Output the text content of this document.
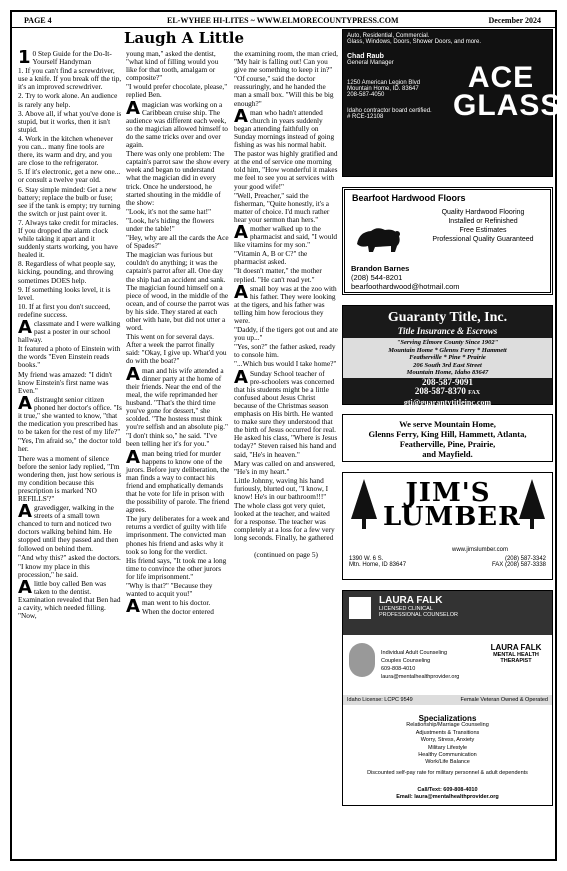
PAGE 4	EL-WYHEE HI-LITES ~ WWW.ELMORECOUNTYPRESS.COM	December 2024
Laugh A Little

10 Step Guide for the Do-It-Yourself Handyman

1. If you can't find a screwdriver, use a knife. If you break off the tip, it's an improved screwdriver.

2. Try to work alone. An audience is rarely any help.

3. Above all, if what you've done is stupid, but it works, then it isn't stupid.

4. Work in the kitchen whenever you can... many fine tools are there, its warm and dry, and you are close to the refrigerator.

5. If it's electronic, get a new one... or consult a twelve year old.

6. Stay simple minded: Get a new battery; replace the bulb or fuse; see if the tank is empty; try turning the switch or just paint over it.

7. Always take credit for miracles. If you dropped the alarm clock while taking it apart and it suddenly starts working, you have healed it.

8. Regardless of what people say, kicking, pounding, and throwing sometimes DOES help.

9. If something looks level, it is level.

10. If at first you don't succeed, redefine success.

Aclassmate and I were walking past a poster in our school hallway.

It featured a photo of Einstein with the words "Even Einstein reads books."

My friend was amazed: "I didn't know Einstein's first name was Even."

Adistraught senior citizen phoned her doctor's office. "Is it true," she wanted to know, "that the medication you prescribed has to be taken for the rest of my life?"

"Yes, I'm afraid so," the doctor told her.

There was a moment of silence before the senior lady replied, "I'm wondering then, just how serious is my condition because this prescription is marked 'NO REFILLS'?"

Agravedigger, walking in the streets of a small town chanced to turn and noticed two doctors walking behind him. He stopped until they passed and then followed on behind them.

"And why this?" asked the doctors.

"I know my place in this procession," he said.

Alittle boy called Ben was taken to the dentist. Examination revealed that Ben had a cavity, which needed filling. "Now,

young man," asked the dentist, "what kind of filling would you like for that tooth, amalgam or composite?"

"I would prefer chocolate, please," replied Ben.

Amagician was working on a Caribbean cruise ship. The audience was different each week, so the magician allowed himself to do the same tricks over and over again.

There was only one problem: The captain's parrot saw the show every week and began to understand what the magician did in every trick. Once he understood, he started shouting in the middle of the show:

"Look, it's not the same hat!"

"Look, he's hiding the flowers under the table!"

"Hey, why are all the cards the Ace of Spades?"

The magician was furious but couldn't do anything; it was the captain's parrot after all. One day the ship had an accident and sank. The magician found himself on a piece of wood, in the middle of the ocean, and of course the parrot was by his side. They stared at each other with hate, but did not utter a word.

This went on for several days. After a week the parrot finally said: "Okay, I give up. What'd you do with the boat?"

Aman and his wife attended a dinner party at the home of their friends. Near the end of the meal, the wife reprimanded her husband. "That's the third time you've gone for dessert," she scolded. "The hostess must think you're selfish and an absolute pig."

"I don't think so," he said. "I've been telling her it's for you."

Aman being tried for murder happens to know one of the jurors. Before jury deliberation, the man finds a way to contact his friend and emphatically demands that he vote for life in prison with the possibility of parole. The friend agrees.

The jury deliberates for a week and returns a verdict of guilty with life imprisonment. The convicted man phones his friend and asks why it took so long for the verdict.

His friend says, "It took me a long time to convince the other jurors for life imprisonment."

"Why is that?" "Because they wanted to acquit you!"

Aman went to his doctor.

When the doctor entered

the examining room, the man cried, "My hair is falling out! Can you give me something to keep it in?"

"Of course," said the doctor reassuringly, and he handed the man a small box. "Will this be big enough?"

Aman who hadn't attended church in years suddenly began attending faithfully on Sunday mornings instead of going fishing as was his normal habit.

The pastor was highly gratified and at the end of service one morning told him, "How wonderful it makes me feel to see you at services with your good wife!"

"Well, Preacher," said the fisherman, "Quite honestly, it's a matter of choice. I'd much rather hear your sermon than hers."

Amother walked up to the pharmacist and said, "I would like vitamins for my son."

"Vitamin A, B or C?" the pharmacist asked.

"It doesn't matter," the mother replied. "He can't read yet."

Asmall boy was at the zoo with his father. They were looking at the tigers, and his father was telling him how ferocious they were.

"Daddy, if the tigers got out and ate you up..."

"Yes, son?" the father asked, ready to console him.

"...Which bus would I take home?"

ASunday School teacher of pre-schoolers was concerned that his students might be a little confused about Jesus Christ because of the Christmas season emphasis on His birth. He wanted to make sure they understood that the birth of Jesus occurred for real. He asked his class, "Where is Jesus today?" Steven raised his hand and said, "He's in heaven."

Mary was called on and answered, "He's in my heart."

Little Johnny, waving his hand furiously, blurted out, "I know, I know! He's in our bathroom!!!"

The whole class got very quiet, looked at the teacher, and waited for a response. The teacher was completely at a loss for a few very long seconds. Finally, he gathered

(continued on page 5)
Auto, Residential, Commercial.
Glass, Windows, Doors, Shower Doors, and more.
Chad Raub
General Manager
1250 American Legion Blvd
Mountain Home, ID. 83647
208-587-4050
Idaho contractor board certified.
# RCE-12108
ACE
GLASS
Bearfoot Hardwood Floors
Quality Hardwood Flooring
Installed or Refinished
Free Estimates
Professional Quality Guaranteed
Brandon Barnes
(208) 544-8201
bearfoothardwood@hotmail.com
Guaranty Title, Inc.
Title Insurance & Escrows
"Serving Elmore County Since 1902"
Mountain Home * Glenns Ferry * Hammett
Featherville * Pine * Prairie
206 South 3rd East Street
Mountain Home, Idaho 83647
208-587-9091
208-587-8370 FAX
gti@guarantytitleinc.com
www.guarantytitleinc.com
We serve Mountain Home,
Glenns Ferry, King Hill, Hammett, Atlanta,
Featherville, Pine, Prairie,
and Mayfield.
JIM'S
LUMBER
www.jimslumber.com
1390 W. 6 S.	(208) 587-3342
Mtn. Home, ID 83647	FAX (208) 587-3338
LAURA FALK
LICENSED CLINICAL
PROFESSIONAL COUNSELOR
Individual Adult Counseling
Couples Counseling
609-808-4010
laura@mentalhealthprovider.org
LAURA FALK
MENTAL HEALTH THERAPIST
Idaho License: LCPC 9549	Female Veteran Owned & Operated
Specializations
Relationship/Marriage Counseling
Adjustments & Transitions
Worry, Stress, Anxiety
Military Lifestyle
Healthy Communication
Work/Life Balance
Discounted self-pay rate for military personnel & adult dependents
Call/Text: 609-808-4010
Email: laura@mentalhealthprovider.org
